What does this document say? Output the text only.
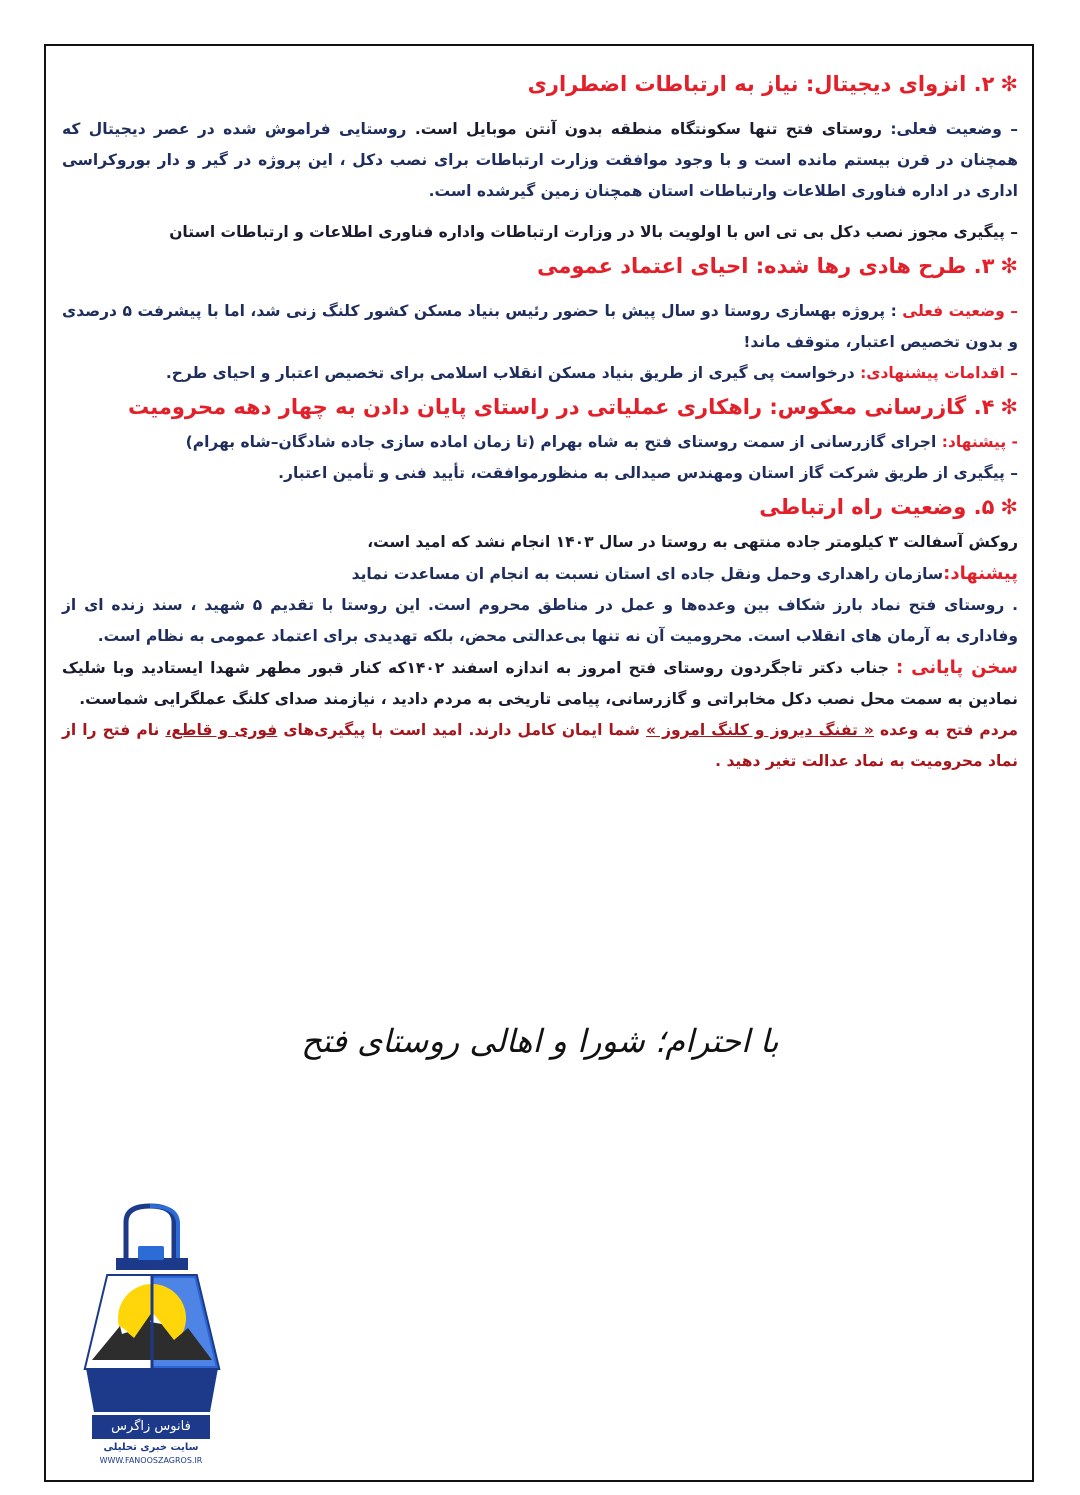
✻۲. انزوای دیجیتال: نیاز به ارتباطات اضطراری

– وضعیت فعلی: روستای فتح تنها سکونتگاه منطقه بدون آنتن موبایل است. روستایی فراموش شده در عصر دیجیتال که همچنان در قرن بیستم مانده است و با وجود موافقت وزارت ارتباطات برای نصب دکل ، این پروژه در گیر و دار بوروکراسی اداری در اداره فناوری اطلاعات وارتباطات استان همچنان زمین گیرشده است.

– پیگیری مجوز نصب دکل بی تی اس با اولویت بالا در وزارت ارتباطات واداره فناوری اطلاعات و ارتباطات استان

✻۳. طرح هادی رها شده: احیای اعتماد عمومی

– وضعیت فعلی : پروژه بهسازی روستا دو سال پیش با حضور رئیس بنیاد مسکن کشور کلنگ زنی شد، اما با پیشرفت ۵ درصدی و بدون تخصیص اعتبار، متوقف ماند!

– اقدامات پیشنهادی: درخواست پی گیری از طریق بنیاد مسکن انقلاب اسلامی برای تخصیص اعتبار و احیای طرح.

✻۴. گازرسانی معکوس: راهکاری عملیاتی در راستای پایان دادن به چهار دهه محرومیت

- پیشنهاد: اجرای گازرسانی از سمت روستای فتح به شاه بهرام (تا زمان اماده سازی جاده شادگان–شاه بهرام)

– پیگیری از طریق شرکت گاز استان ومهندس صیدالی به منظورموافقت، تأیید فنی و تأمین اعتبار.

✻۵. وضعیت راه ارتباطی

روکش آسفالت ۳ کیلومتر جاده منتهی به روستا در سال ۱۴۰۳ انجام نشد که امید است،

پیشنهاد:سازمان راهداری وحمل ونقل جاده ای استان نسبت به انجام ان مساعدت نماید

. روستای فتح نماد بارز شکاف بین وعده‌ها و عمل در مناطق محروم است. این روستا با تقدیم ۵ شهید ، سند زنده ای از وفاداری به آرمان های انقلاب است. محرومیت آن نه تنها بی‌عدالتی محض، بلکه تهدیدی برای اعتماد عمومی به نظام است.

سخن پایانی : جناب دکتر تاجگردون روستای فتح امروز به اندازه اسفند ۱۴۰۲که کنار قبور مطهر شهدا ایستادید وبا شلیک نمادین به سمت محل نصب دکل مخابراتی و گازرسانی، پیامی تاریخی به مردم دادید ، نیازمند صدای کلنگ عملگرایی شماست.

مردم فتح به وعده « تفنگ دیروز و کلنگ امروز » شما ایمان کامل دارند. امید است با پیگیری‌های فوری و قاطع، نام فتح را از نماد محرومیت به نماد عدالت تغیر دهید .

با احترام؛ شورا و اهالی روستای فتح
فانوس زاگرس
سایت خبری تحلیلی
WWW.FANOOSZAGROS.IR
